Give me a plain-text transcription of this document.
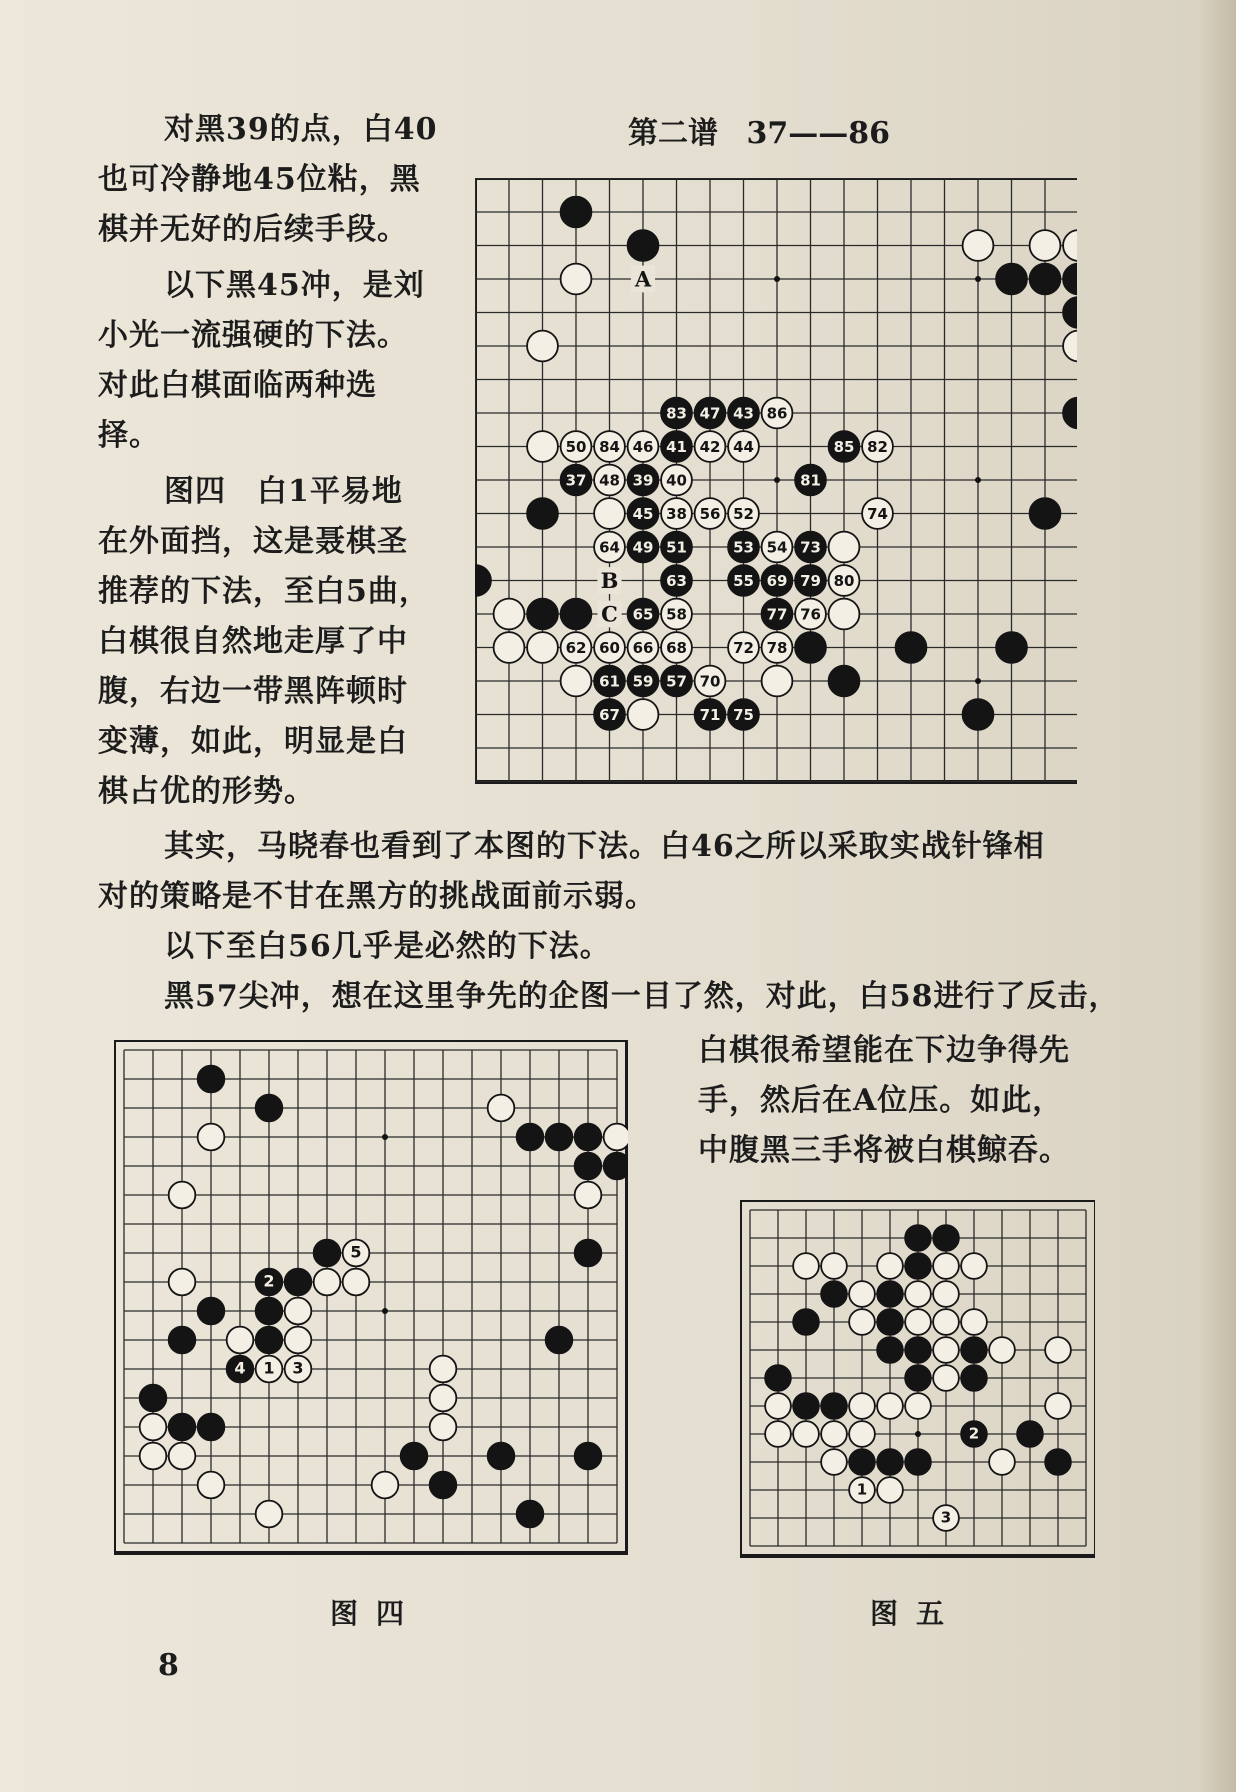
第二谱 37——86
对黑39的点，白40
也可冷静地45位粘，黑
棋并无好的后续手段。
以下黑45冲，是刘
小光一流强硬的下法。
对此白棋面临两种选
择。
图四　白1平易地
在外面挡，这是聂棋圣
推荐的下法，至白5曲，
白棋很自然地走厚了中
腹，右边一带黑阵顿时
变薄，如此，明显是白
棋占优的形势。
其实，马晓春也看到了本图的下法。白46之所以采取实战针锋相
对的策略是不甘在黑方的挑战面前示弱。
以下至白56几乎是必然的下法。
黑57尖冲，想在这里争先的企图一目了然，对此，白58进行了反击，
白棋很希望能在下边争得先
手，然后在A位压。如此，
中腹黑三手将被白棋鲸吞。
83 47 43 86
50 84 46 41 42 44	85 82
37 48 39 40	81
45 38 56 52	74
64 49 51	53 54 73
63	55 69 79 80
65 58	77 76
62 60 66 68	72 78
61 59 57 70
67	71 75
A
B
C
5
2
4 1 3
2
1
3
图四	图五
8
